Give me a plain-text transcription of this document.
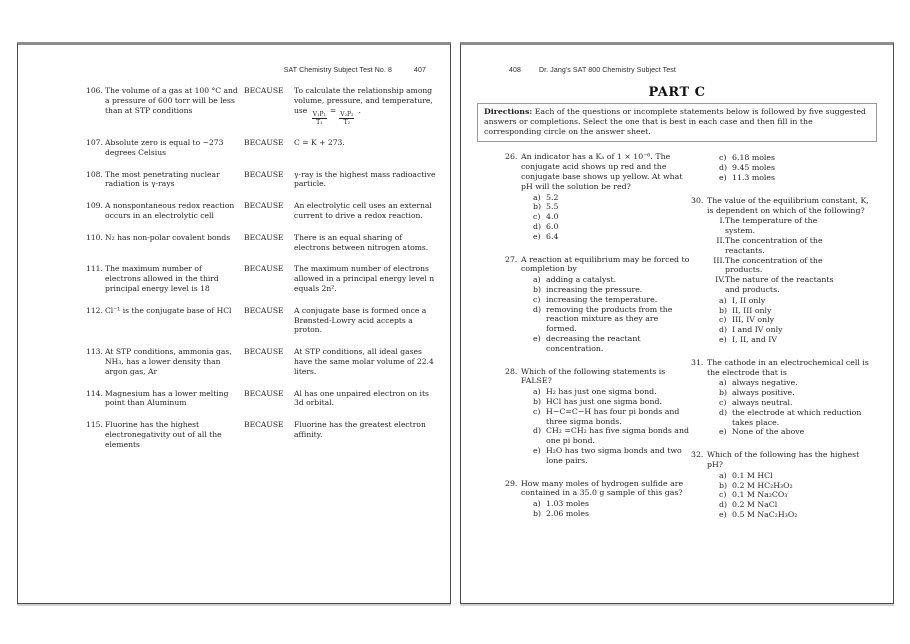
SAT Chemistry Subject Test No. 8	407
106. The volume of a gas at 100 °C and a pressure of 600 torr will be less than at STP conditions
BECAUSE	To calculate the relationship among volume, pressure, and temperature, use
$\frac{\text{V₁P₁}}{\text{T₁}}$
=
$\frac{\text{V₂P₂}}{\text{T₂}}$
.
107. Absolute zero is equal to −273 degrees Celsius
BECAUSE	C = K + 273.
108. The most penetrating nuclear radiation is γ-rays
BECAUSE	γ-ray is the highest mass radioactive particle.
109. A nonspontaneous redox reaction occurs in an electrolytic cell
BECAUSE	An electrolytic cell uses an external current to drive a redox reaction.
110. N₂ has non-polar covalent bonds	BECAUSE	There is an equal sharing of electrons between nitrogen atoms.
111. The maximum number of electrons allowed in the third principal energy level is 18
BECAUSE	The maximum number of electrons allowed in a principal energy level n equals 2n².
112. Cl⁻¹ is the conjugate base of HCl	BECAUSE	A conjugate base is formed once a Brønsted-Lowry acid accepts a proton.
113. At STP conditions, ammonia gas, NH₃, has a lower density than argon gas, Ar
BECAUSE	At STP conditions, all ideal gases have the same molar volume of 22.4 liters.
114. Magnesium has a lower melting point than Aluminum
BECAUSE	Al has one unpaired electron on its 3d orbital.
115. Fluorine has the highest electronegativity out of all the elements
BECAUSE	Fluorine has the greatest electron affinity.
408	Dr. Jang's SAT 800 Chemistry Subject Test
PART C
Directions: Each of the questions or incomplete statements below is followed by five suggested answers or completions. Select the one that is best in each case and then fill in the corresponding circle on the answer sheet.
26. An indicator has a Kₐ of 1 × 10⁻⁶. The conjugate acid shows up red and the conjugate base shows up yellow. At what pH will the solution be red?
a) 5.2
b) 5.5
c) 4.0
d) 6.0
e) 6.4
27. A reaction at equilibrium may be forced to completion by
a) adding a catalyst.
b) increasing the pressure.
c) increasing the temperature.
d) removing the products from the reaction mixture as they are formed.
e) decreasing the reactant concentration.
28. Which of the following statements is FALSE?
a) H₂ has just one sigma bond.
b) HCl has just one sigma bond.
c) H−C=C−H has four pi bonds and three sigma bonds.
d) CH₂ =CH₂ has five sigma bonds and one pi bond.
e) H₂O has two sigma bonds and two lone pairs.
29. How many moles of hydrogen sulfide are contained in a 35.0 g sample of this gas?
a) 1.03 moles
b) 2.06 moles
c) 6.18 moles
d) 9.45 moles
e) 11.3 moles
30. The value of the equilibrium constant, K, is dependent on which of the following?
I. The temperature of the system.
II. The concentration of the reactants.
III. The concentration of the products.
IV. The nature of the reactants and products.
a) I, II only
b) II, III only
c) III, IV only
d) I and IV only
e) I, II, and IV
31. The cathode in an electrochemical cell is the electrode that is
a) always negative.
b) always positive.
c) always neutral.
d) the electrode at which reduction takes place.
e) None of the above
32. Which of the following has the highest pH?
a) 0.1 M HCl
b) 0.2 M HC₂H₃O₂
c) 0.1 M Na₂CO₃
d) 0.2 M NaCl
e) 0.5 M NaC₂H₃O₂
